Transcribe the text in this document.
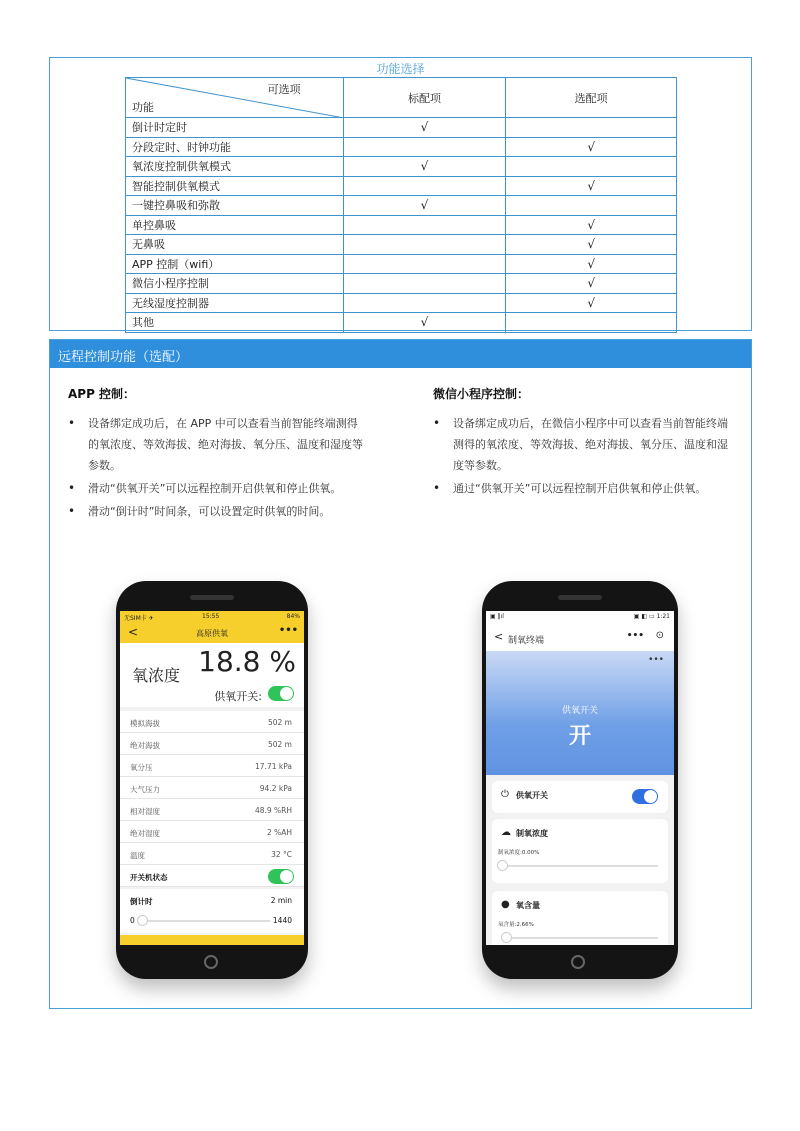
功能选择
可选项
功能	标配项	选配项
倒计时定时	√	
分段定时、时钟功能		√
氧浓度控制供氧模式	√	
智能控制供氧模式		√
一键控鼻吸和弥散	√	
单控鼻吸		√
无鼻吸		√
APP 控制（wifi）		√
微信小程序控制		√
无线湿度控制器		√
其他	√	
远程控制功能（选配）
APP 控制：
• 设备绑定成功后，在 APP 中可以查看当前智能终端测得的氧浓度、等效海拔、绝对海拔、氧分压、温度和湿度等参数。
• 滑动“供氧开关”可以远程控制开启供氧和停止供氧。
• 滑动“倒计时”时间条，可以设置定时供氧的时间。
微信小程序控制：
• 设备绑定成功后，在微信小程序中可以查看当前智能终端测得的氧浓度、等效海拔、绝对海拔、氧分压、温度和湿度等参数。
• 通过“供氧开关”可以远程控制开启供氧和停止供氧。
无SIM卡 ✈	15:55	84%
<	高原供氧	•••
氧浓度 18.8 %
供氧开关:
模拟海拔	502 m
绝对海拔	502 m
氧分压	17.71 kPa
大气压力	94.2 kPa
相对湿度	48.9 %RH
绝对湿度	2 %AH
温度	32 °C
开关机状态
倒计时	2 min
0	1440
▣ ‖ıl	▣ ◧ ▭ 1:21
< 制氧终端	••• ⊙
•••
供氧开关
开
⏻ 供氧开关
☁ 制氧浓度
制氧浓度:0.00%
● 氧含量
氧含量:2.66%
